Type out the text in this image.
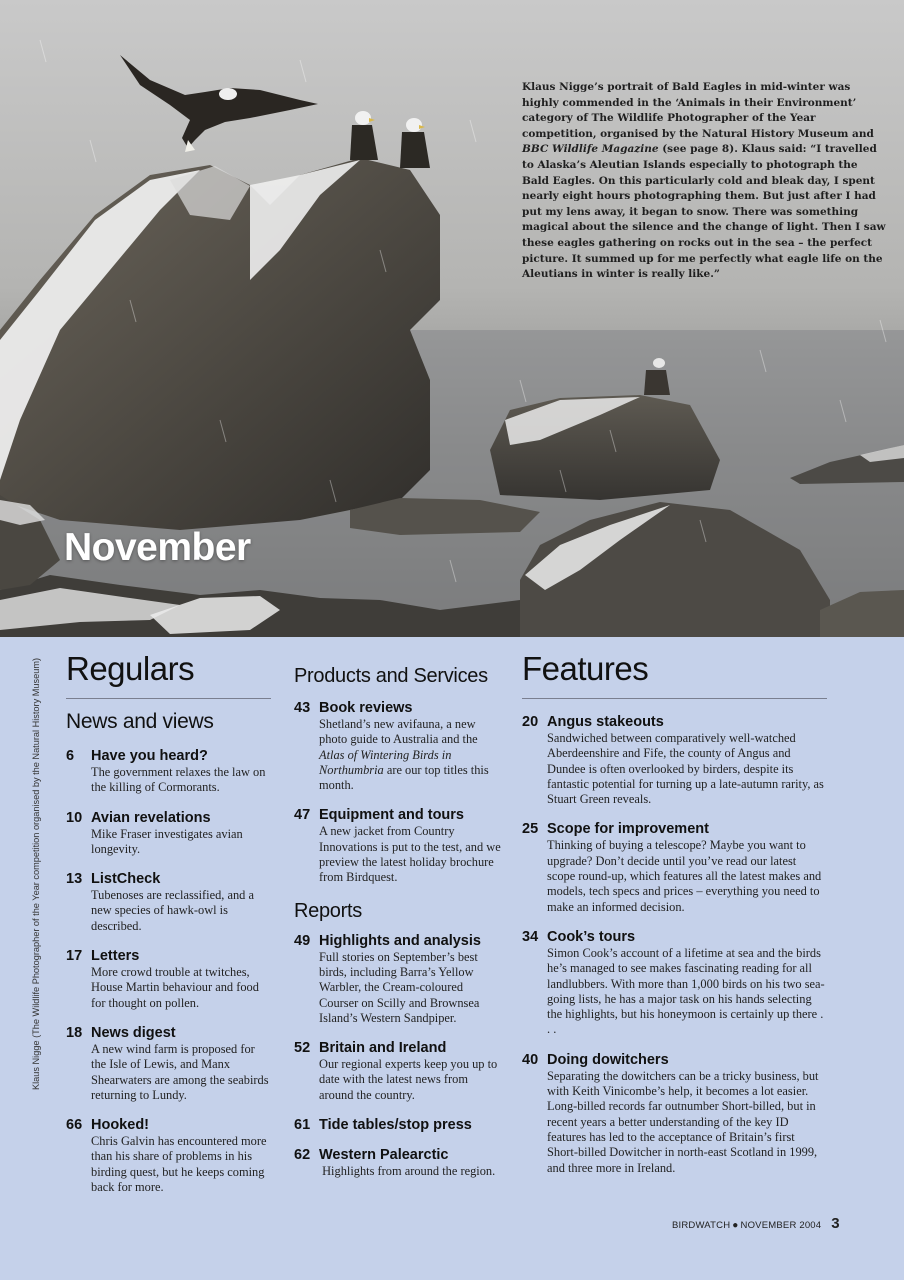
Klaus Nigge’s portrait of Bald Eagles in mid-winter was highly commended in the ‘Animals in their Environment’ category of The Wildlife Photographer of the Year competition, organised by the Natural History Museum and BBC Wildlife Magazine (see page 8). Klaus said: “I travelled to Alaska’s Aleutian Islands especially to photograph the Bald Eagles. On this particularly cold and bleak day, I spent nearly eight hours photographing them. But just after I had put my lens away, it began to snow. There was something magical about the silence and the change of light. Then I saw these eagles gathering on rocks out in the sea – the perfect picture. It summed up for me perfectly what eagle life on the Aleutians in winter is really like.”
November
Klaus Nigge (The Wildlife Photographer of the Year competition organised by the Natural History Museum) Regulars
News and views
6	Have you heard?
The government relaxes the law on the killing of Cormorants.
10 Avian revelations
Mike Fraser investigates avian longevity.
13 ListCheck
Tubenoses are reclassified, and a new species of hawk-owl is described.
17 Letters
More crowd trouble at twitches, House Martin behaviour and food for thought on pollen.
18 News digest
A new wind farm is proposed for the Isle of Lewis, and Manx Shearwaters are among the seabirds returning to Lundy.
66 Hooked!
Chris Galvin has encountered more than his share of problems in his birding quest, but he keeps coming back for more.
Products and Services
43 Book reviews
Shetland’s new avifauna, a new photo guide to Australia and the Atlas of Wintering Birds in Northumbria are our top titles this month.
47 Equipment and tours
A new jacket from Country Innovations is put to the test, and we preview the latest holiday brochure from Birdquest.
Reports
49 Highlights and analysis
Full stories on September’s best birds, including Barra’s Yellow Warbler, the Cream-coloured Courser on Scilly and Brownsea Island’s Western Sandpiper.
52 Britain and Ireland
Our regional experts keep you up to date with the latest news from around the country.
61 Tide tables/stop press
62 Western Palearctic
Highlights from around the region.
Features
20 Angus stakeouts
Sandwiched between comparatively well-watched Aberdeenshire and Fife, the county of Angus and Dundee is often overlooked by birders, despite its fantastic potential for turning up a late-autumn rarity, as Stuart Green reveals.
25 Scope for improvement
Thinking of buying a telescope? Maybe you want to upgrade? Don’t decide until you’ve read our latest scope round-up, which features all the latest makes and models, tech specs and prices – everything you need to make an informed decision.
34 Cook’s tours
Simon Cook’s account of a lifetime at sea and the birds he’s managed to see makes fascinating reading for all landlubbers. With more than 1,000 birds on his two sea-going lists, he has a major task on his hands selecting the highlights, but his honeymoon is certainly up there . . .
40 Doing dowitchers
Separating the dowitchers can be a tricky business, but with Keith Vinicombe’s help, it becomes a lot easier. Long-billed records far outnumber Short-billed, but in recent years a better understanding of the key ID features has led to the acceptance of Britain’s first Short-billed Dowitcher in north-east Scotland in 1999, and three more in Ireland.
BIRDWATCH ● NOVEMBER 2004 3
